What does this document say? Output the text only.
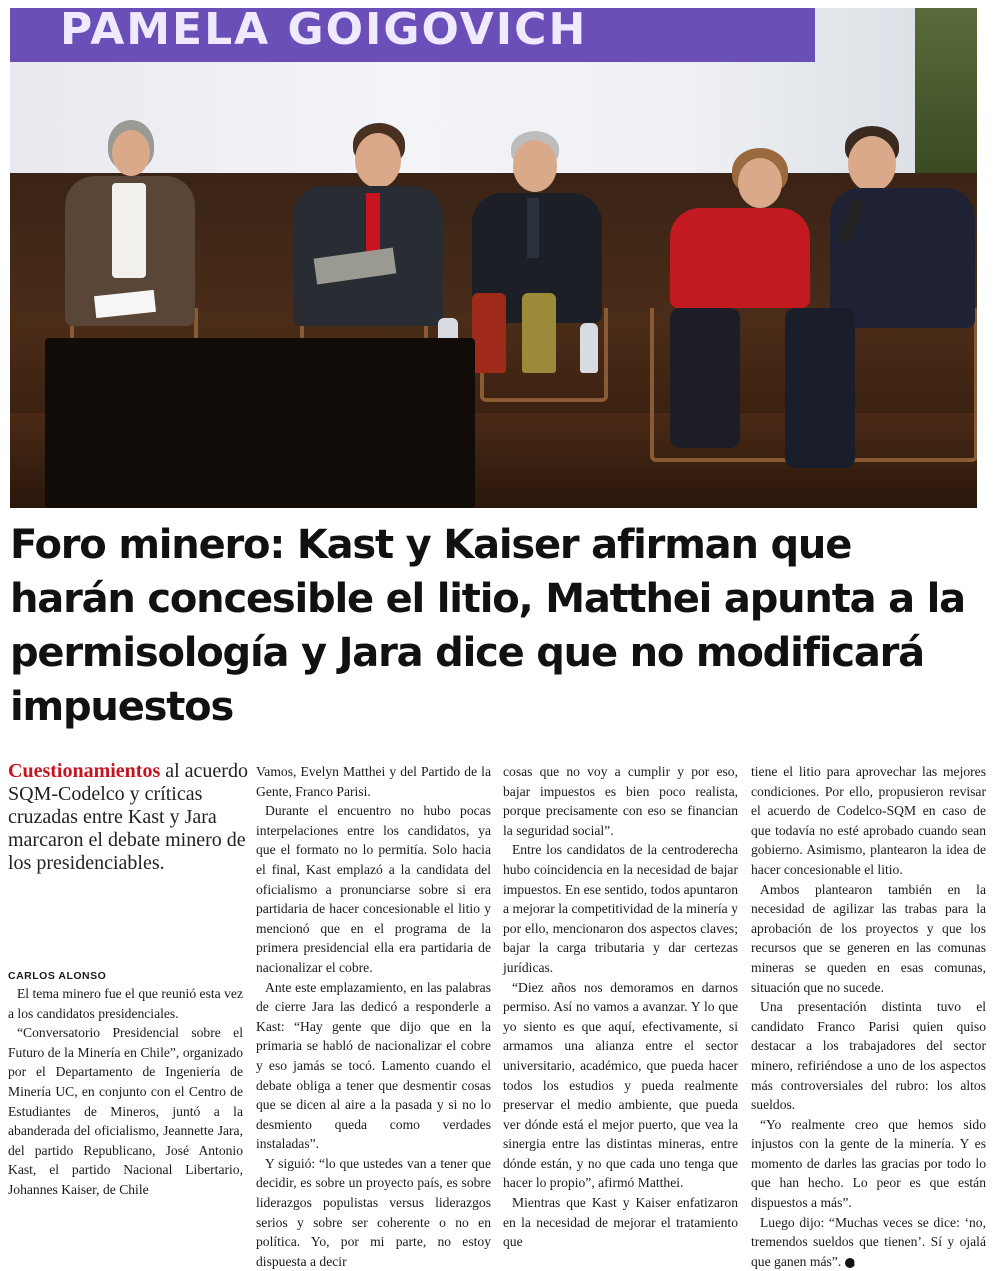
PAMELA GOIGOVICH
Foro minero: Kast y Kaiser afirman que harán concesible el litio, Matthei apunta a la permisología y Jara dice que no modificará impuestos
Cuestionamientos al acuerdo SQM-Codelco y críticas cruzadas entre Kast y Jara marcaron el debate minero de los presidenciables.
CARLOS ALONSO

El tema minero fue el que reunió esta vez a los candidatos presidenciales.

“Conversatorio Presidencial sobre el Futuro de la Minería en Chile”, organizado por el Departamento de Ingeniería de Minería UC, en conjunto con el Centro de Estudiantes de Mineros, juntó a la abanderada del oficialismo, Jeannette Jara, del partido Republicano, José Antonio Kast, el partido Nacional Libertario, Johannes Kaiser, de Chile

Vamos, Evelyn Matthei y del Partido de la Gente, Franco Parisi.

Durante el encuentro no hubo pocas interpelaciones entre los candidatos, ya que el formato no lo permitía. Solo hacia el final, Kast emplazó a la candidata del oficialismo a pronunciarse sobre si era partidaria de hacer concesionable el litio y mencionó que en el programa de la primera presidencial ella era partidaria de nacionalizar el cobre.

Ante este emplazamiento, en las palabras de cierre Jara las dedicó a responderle a Kast: “Hay gente que dijo que en la primaria se habló de nacionalizar el cobre y eso jamás se tocó. Lamento cuando el debate obliga a tener que desmentir cosas que se dicen al aire a la pasada y si no lo desmiento queda como verdades instaladas”.

Y siguió: “lo que ustedes van a tener que decidir, es sobre un proyecto país, es sobre liderazgos populistas versus liderazgos serios y sobre ser coherente o no en política. Yo, por mi parte, no estoy dispuesta a decir

cosas que no voy a cumplir y por eso, bajar impuestos es bien poco realista, porque precisamente con eso se financian la seguridad social”.

Entre los candidatos de la centroderecha hubo coincidencia en la necesidad de bajar impuestos. En ese sentido, todos apuntaron a mejorar la competitividad de la minería y por ello, mencionaron dos aspectos claves; bajar la carga tributaria y dar certezas jurídicas.

“Diez años nos demoramos en darnos permiso. Así no vamos a avanzar. Y lo que yo siento es que aquí, efectivamente, si armamos una alianza entre el sector universitario, académico, que pueda hacer todos los estudios y pueda realmente preservar el medio ambiente, que pueda ver dónde está el mejor puerto, que vea la sinergia entre las distintas mineras, entre dónde están, y no que cada uno tenga que hacer lo propio”, afirmó Matthei.

Mientras que Kast y Kaiser enfatizaron en la necesidad de mejorar el tratamiento que

tiene el litio para aprovechar las mejores condiciones. Por ello, propusieron revisar el acuerdo de Codelco-SQM en caso de que todavía no esté aprobado cuando sean gobierno. Asimismo, plantearon la idea de hacer concesionable el litio.

Ambos plantearon también en la necesidad de agilizar las trabas para la aprobación de los proyectos y que los recursos que se generen en las comunas mineras se queden en esas comunas, situación que no sucede.

Una presentación distinta tuvo el candidato Franco Parisi quien quiso destacar a los trabajadores del sector minero, refiriéndose a uno de los aspectos más controversiales del rubro: los altos sueldos.

“Yo realmente creo que hemos sido injustos con la gente de la minería. Y es momento de darles las gracias por todo lo que han hecho. Lo peor es que están dispuestos a más”.

Luego dijo: “Muchas veces se dice: ‘no, tremendos sueldos que tienen’. Sí y ojalá que ganen más”. P
